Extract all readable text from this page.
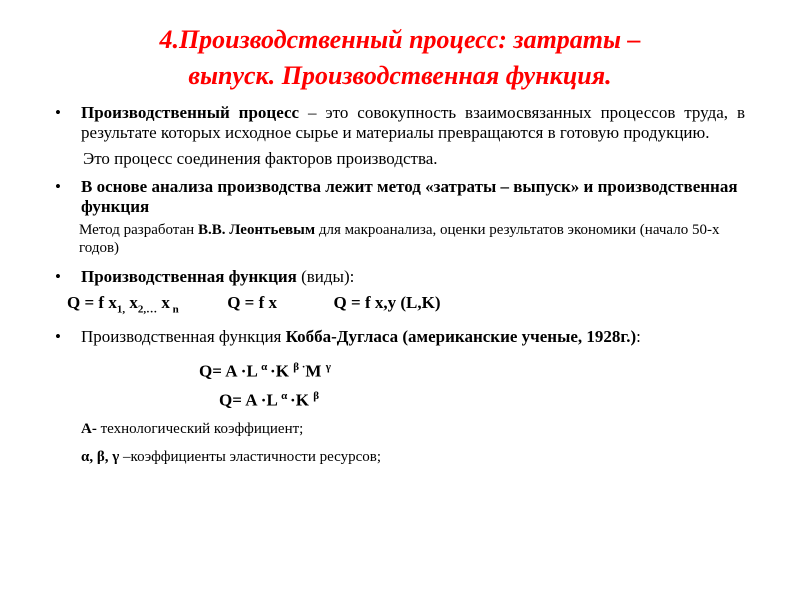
4.Производственный процесс: затраты –
выпуск. Производственная функция.
• Производственный процесс – это совокупность взаимосвязанных процессов труда, в результате которых исходное сырье и материалы превращаются в готовую продукцию.
Это процесс соединения факторов производства.
• В основе анализа производства лежит метод «затраты – выпуск» и производственная функция
Метод разработан В.В. Леонтьевым для макроанализа, оценки результатов экономики (начало 50-х годов)
• Производственная функция (виды):
Q = f $x_{1,}$ $x_{2,\dots}$ x $_n$	Q = f x	Q = f x,y (L,K)
• Производственная функция Кобба-Дугласа (американские ученые, 1928г.):
Q= A ·L $^\alpha$ ·K $^{\beta \cdot}$M $^\gamma$
Q= A ·L $^\alpha$ ·K $^\beta$
А- технологический коэффициент;
α, β, γ –коэффициенты эластичности ресурсов;
